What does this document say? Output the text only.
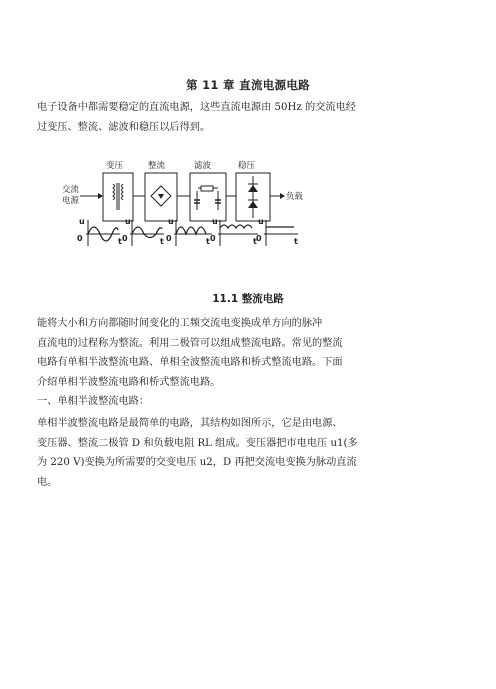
第 11 章 直流电源电路
电子设备中都需要稳定的直流电源，这些直流电源由 50Hz 的交流电经
过变压、整流、滤波和稳压以后得到。
交流
电源
变压	整流	滤波	稳压
负载
u
0	t
u
0	t
u
0	t
u
0	t
u
0	t
11.1 整流电路
能将大小和方向都随时间变化的工频交流电变换成单方向的脉冲
直流电的过程称为整流。利用二极管可以组成整流电路。常见的整流
电路有单相半波整流电路、单相全波整流电路和桥式整流电路。下面
介绍单相半波整流电路和桥式整流电路。
一、单相半波整流电路：
单相半波整流电路是最简单的电路，其结构如图所示，它是由电源、
变压器、整流二极管 D 和负载电阻 RL 组成。变压器把市电电压 u1(多
为 220 V)变换为所需要的交变电压 u2，D 再把交流电变换为脉动直流
电。
